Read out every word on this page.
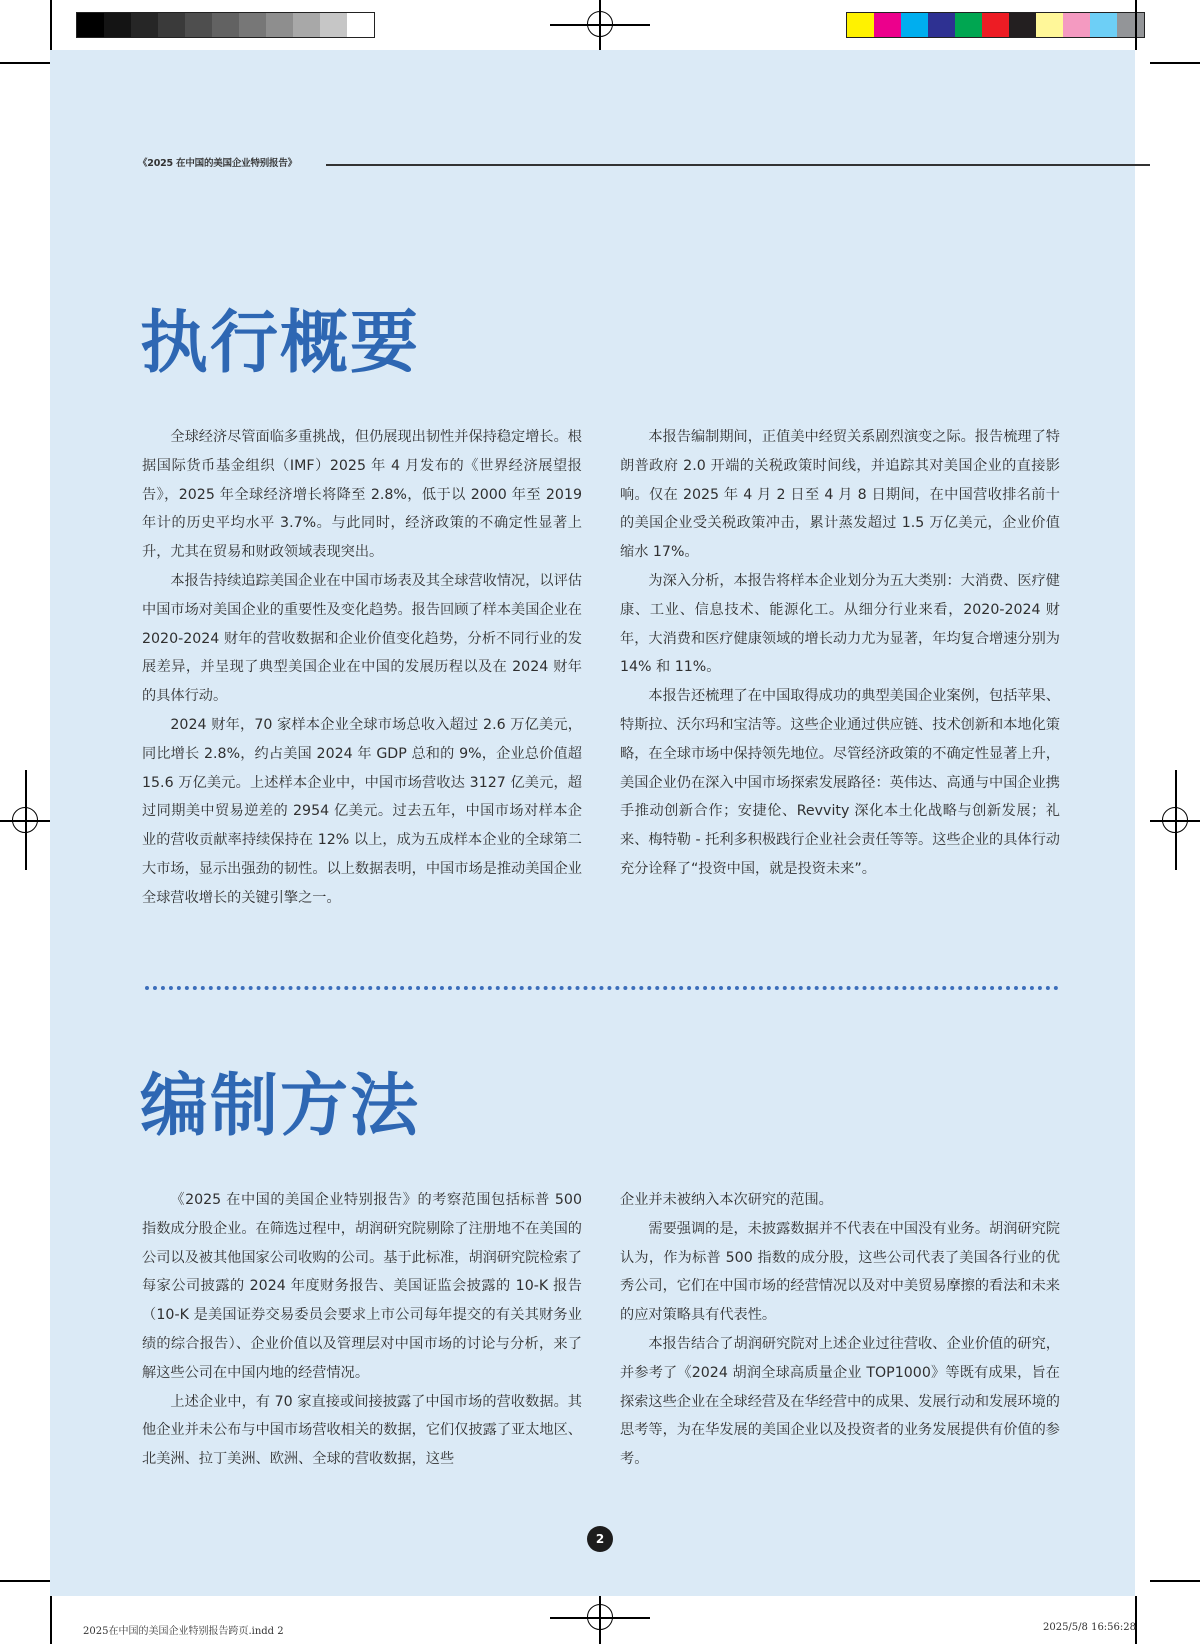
《2025 在中国的美国企业特别报告》
执行概要

全球经济尽管面临多重挑战，但仍展现出韧性并保持稳定增长。根据国际货币基金组织（IMF）2025 年 4 月发布的《世界经济展望报告》，2025 年全球经济增长将降至 2.8%，低于以 2000 年至 2019 年计的历史平均水平 3.7%。与此同时，经济政策的不确定性显著上升，尤其在贸易和财政领域表现突出。

本报告持续追踪美国企业在中国市场表及其全球营收情况，以评估中国市场对美国企业的重要性及变化趋势。报告回顾了样本美国企业在 2020-2024 财年的营收数据和企业价值变化趋势，分析不同行业的发展差异，并呈现了典型美国企业在中国的发展历程以及在 2024 财年的具体行动。

2024 财年，70 家样本企业全球市场总收入超过 2.6 万亿美元，同比增长 2.8%，约占美国 2024 年 GDP 总和的 9%，企业总价值超 15.6 万亿美元。上述样本企业中，中国市场营收达 3127 亿美元，超过同期美中贸易逆差的 2954 亿美元。过去五年，中国市场对样本企业的营收贡献率持续保持在 12% 以上，成为五成样本企业的全球第二大市场，显示出强劲的韧性。以上数据表明，中国市场是推动美国企业全球营收增长的关键引擎之一。

本报告编制期间，正值美中经贸关系剧烈演变之际。报告梳理了特朗普政府 2.0 开端的关税政策时间线，并追踪其对美国企业的直接影响。仅在 2025 年 4 月 2 日至 4 月 8 日期间，在中国营收排名前十的美国企业受关税政策冲击，累计蒸发超过 1.5 万亿美元，企业价值缩水 17%。

为深入分析，本报告将样本企业划分为五大类别：大消费、医疗健康、工业、信息技术、能源化工。从细分行业来看，2020-2024 财年，大消费和医疗健康领域的增长动力尤为显著，年均复合增速分别为 14% 和 11%。

本报告还梳理了在中国取得成功的典型美国企业案例，包括苹果、特斯拉、沃尔玛和宝洁等。这些企业通过供应链、技术创新和本地化策略，在全球市场中保持领先地位。尽管经济政策的不确定性显著上升，美国企业仍在深入中国市场探索发展路径：英伟达、高通与中国企业携手推动创新合作；安捷伦、Revvity 深化本土化战略与创新发展；礼来、梅特勒 - 托利多积极践行企业社会责任等等。这些企业的具体行动充分诠释了“投资中国，就是投资未来”。

编制方法

《2025 在中国的美国企业特别报告》的考察范围包括标普 500 指数成分股企业。在筛选过程中，胡润研究院剔除了注册地不在美国的公司以及被其他国家公司收购的公司。基于此标准，胡润研究院检索了每家公司披露的 2024 年度财务报告、美国证监会披露的 10-K 报告（10-K 是美国证券交易委员会要求上市公司每年提交的有关其财务业绩的综合报告）、企业价值以及管理层对中国市场的讨论与分析，来了解这些公司在中国内地的经营情况。

上述企业中，有 70 家直接或间接披露了中国市场的营收数据。其他企业并未公布与中国市场营收相关的数据，它们仅披露了亚太地区、北美洲、拉丁美洲、欧洲、全球的营收数据，这些

企业并未被纳入本次研究的范围。

需要强调的是，未披露数据并不代表在中国没有业务。胡润研究院认为，作为标普 500 指数的成分股，这些公司代表了美国各行业的优秀公司，它们在中国市场的经营情况以及对中美贸易摩擦的看法和未来的应对策略具有代表性。

本报告结合了胡润研究院对上述企业过往营收、企业价值的研究，并参考了《2024 胡润全球高质量企业 TOP1000》等既有成果，旨在探索这些企业在全球经营及在华经营中的成果、发展行动和发展环境的思考等，为在华发展的美国企业以及投资者的业务发展提供有价值的参考。

2
2025在中国的美国企业特别报告跨页.indd 2	2025/5/8 16:56:28
